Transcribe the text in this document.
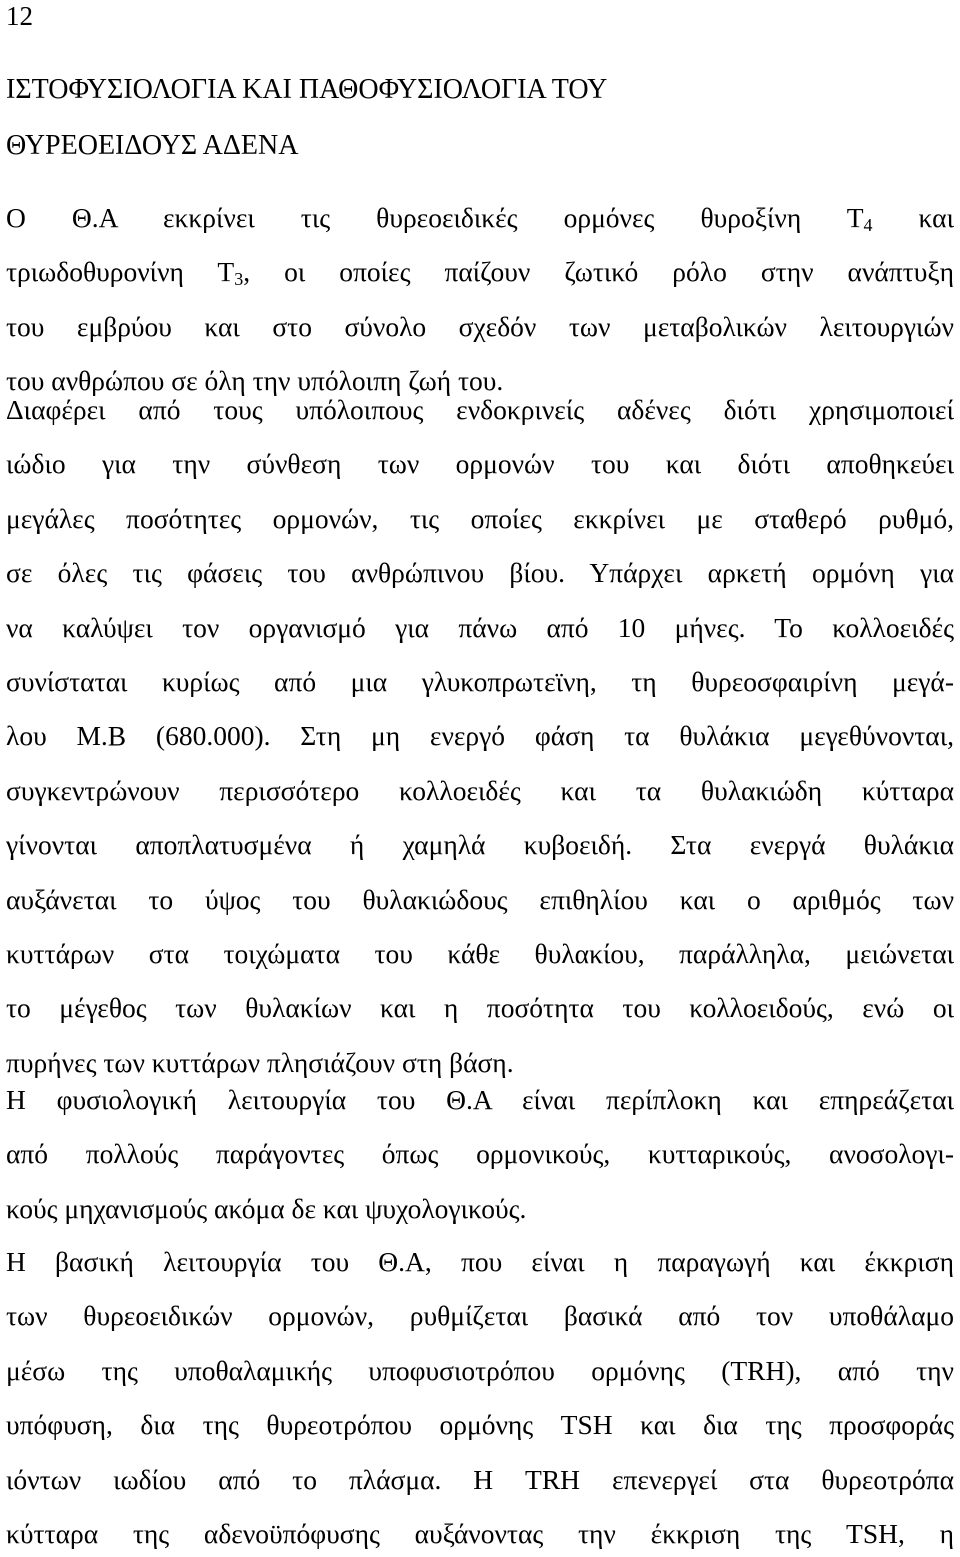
12
ΙΣΤΟΦΥΣΙΟΛΟΓΙΑ ΚΑΙ ΠΑΘΟΦΥΣΙΟΛΟΓΙΑ ΤΟΥ
ΘΥΡΕΟΕΙΔΟΥΣ ΑΔΕΝΑ
Ο Θ.Α εκκρίνει τις θυρεοειδικές ορμόνες θυροξίνη $T_4$ και
τριωδοθυρονίνη $T_3$, οι οποίες παίζουν ζωτικό ρόλο στην ανάπτυξη
του εμβρύου και στο σύνολο σχεδόν των μεταβολικών λειτουργιών
του ανθρώπου σε όλη την υπόλοιπη ζωή του.
Διαφέρει από τους υπόλοιπους ενδοκρινείς αδένες διότι χρησιμοποιεί
ιώδιο για την σύνθεση των ορμονών του και διότι αποθηκεύει
μεγάλες ποσότητες ορμονών, τις οποίες εκκρίνει με σταθερό ρυθμό,
σε όλες τις φάσεις του ανθρώπινου βίου. Υπάρχει αρκετή ορμόνη για
να καλύψει τον οργανισμό για πάνω από 10 μήνες. Το κολλοειδές
συνίσταται κυρίως από μια γλυκοπρωτεϊνη, τη θυρεοσφαιρίνη μεγά-
λου Μ.Β (680.000). Στη μη ενεργό φάση τα θυλάκια μεγεθύνονται,
συγκεντρώνουν περισσότερο κολλοειδές και τα θυλακιώδη κύτταρα
γίνονται αποπλατυσμένα ή χαμηλά κυβοειδή. Στα ενεργά θυλάκια
αυξάνεται το ύψος του θυλακιώδους επιθηλίου και ο αριθμός των
κυττάρων στα τοιχώματα του κάθε θυλακίου, παράλληλα, μειώνεται
το μέγεθος των θυλακίων και η ποσότητα του κολλοειδούς, ενώ οι
πυρήνες των κυττάρων πλησιάζουν στη βάση.
Η φυσιολογική λειτουργία του Θ.Α είναι περίπλοκη και επηρεάζεται
από πολλούς παράγοντες όπως ορμονικούς, κυτταρικούς, ανοσολογι-
κούς μηχανισμούς ακόμα δε και ψυχολογικούς.
Η βασική λειτουργία του Θ.Α, που είναι η παραγωγή και έκκριση
των θυρεοειδικών ορμονών, ρυθμίζεται βασικά από τον υποθάλαμο
μέσω της υποθαλαμικής υποφυσιοτρόπου ορμόνης (TRH), από την
υπόφυση, δια της θυρεοτρόπου ορμόνης TSH και δια της προσφοράς
ιόντων ιωδίου από το πλάσμα. Η TRH επενεργεί στα θυρεοτρόπα
κύτταρα της αδενοϋπόφυσης αυξάνοντας την έκκριση της TSH, η
